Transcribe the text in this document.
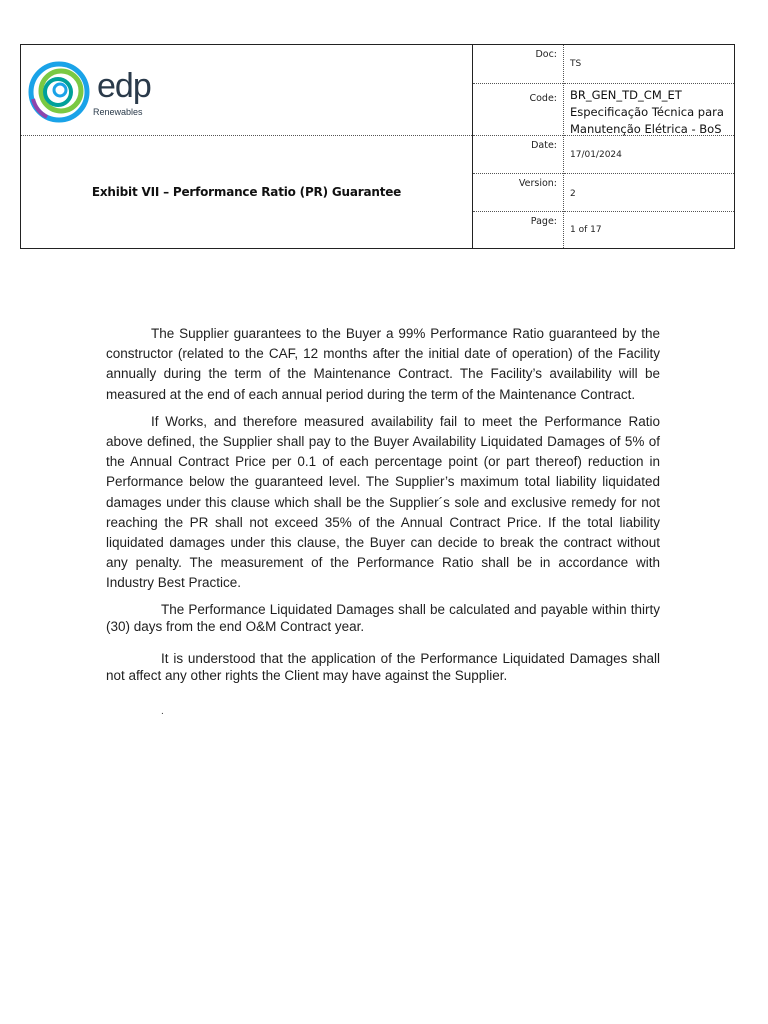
edp
Renewables
Exhibit VII – Performance Ratio (PR) Guarantee
Doc:
Code:
Date:
Version:
Page:
TS
BR_GEN_TD_CM_ET
Especificação Técnica para
Manutenção Elétrica - BoS
17/01/2024
2
1 of 17

The Supplier guarantees to the Buyer a 99% Performance Ratio guaranteed by the constructor (related to the CAF, 12 months after the initial date of operation) of the Facility annually during the term of the Maintenance Contract. The Facility’s availability will be measured at the end of each annual period during the term of the Maintenance Contract.

If Works, and therefore measured availability fail to meet the Performance Ratio above defined, the Supplier shall pay to the Buyer Availability Liquidated Damages of 5% of the Annual Contract Price per 0.1 of each percentage point (or part thereof) reduction in Performance below the guaranteed level. The Supplier’s maximum total liability liquidated damages under this clause which shall be the Supplier´s sole and exclusive remedy for not reaching the PR shall not exceed 35% of the Annual Contract Price. If the total liability liquidated damages under this clause, the Buyer can decide to break the contract without any penalty. The measurement of the Performance Ratio shall be in accordance with Industry Best Practice.

The Performance Liquidated Damages shall be calculated and payable within thirty (30) days from the end O&M Contract year.

It is understood that the application of the Performance Liquidated Damages shall not affect any other rights the Client may have against the Supplier.

.
